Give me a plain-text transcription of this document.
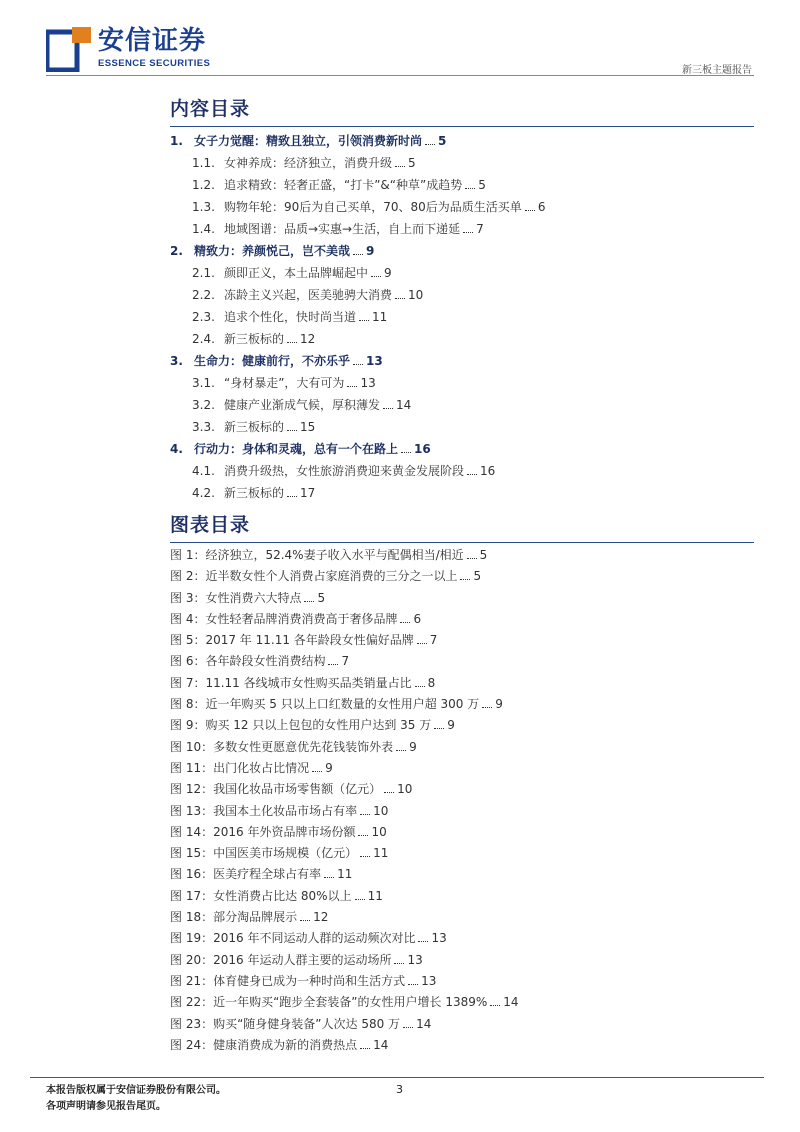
安信证券
ESSENCE SECURITIES
新三板主题报告
内容目录
1. 女子力觉醒：精致且独立，引领消费新时尚 5
1.1. 女神养成：经济独立，消费升级 5
1.2. 追求精致：轻奢正盛，“打卡”&“种草”成趋势 5
1.3. 购物年轮：90后为自己买单，70、80后为品质生活买单 6
1.4. 地域图谱：品质→实惠→生活，自上而下递延 7
2. 精致力：养颜悦己，岂不美哉 9
2.1. 颜即正义，本土品牌崛起中 9
2.2. 冻龄主义兴起，医美驰骋大消费 10
2.3. 追求个性化，快时尚当道 11
2.4. 新三板标的 12
3. 生命力：健康前行，不亦乐乎 13
3.1. “身材暴走”，大有可为 13
3.2. 健康产业渐成气候，厚积薄发 14
3.3. 新三板标的 15
4. 行动力：身体和灵魂，总有一个在路上 16
4.1. 消费升级热，女性旅游消费迎来黄金发展阶段 16
4.2. 新三板标的 17
图表目录
图 1： 经济独立，52.4%妻子收入水平与配偶相当/相近 5
图 2： 近半数女性个人消费占家庭消费的三分之一以上 5
图 3： 女性消费六大特点 5
图 4： 女性轻奢品牌消费消费高于奢侈品牌 6
图 5： 2017 年 11.11 各年龄段女性偏好品牌 7
图 6： 各年龄段女性消费结构 7
图 7： 11.11 各线城市女性购买品类销量占比 8
图 8： 近一年购买 5 只以上口红数量的女性用户超 300 万 9
图 9： 购买 12 只以上包包的女性用户达到 35 万 9
图 10： 多数女性更愿意优先花钱装饰外表 9
图 11： 出门化妆占比情况 9
图 12： 我国化妆品市场零售额（亿元） 10
图 13： 我国本土化妆品市场占有率 10
图 14： 2016 年外资品牌市场份额 10
图 15： 中国医美市场规模（亿元） 11
图 16： 医美疗程全球占有率 11
图 17： 女性消费占比达 80%以上 11
图 18： 部分淘品牌展示 12
图 19： 2016 年不同运动人群的运动频次对比 13
图 20： 2016 年运动人群主要的运动场所 13
图 21： 体育健身已成为一种时尚和生活方式 13
图 22： 近一年购买“跑步全套装备”的女性用户增长 1389% 14
图 23： 购买“随身健身装备”人次达 580 万 14
图 24： 健康消费成为新的消费热点 14
本报告版权属于安信证券股份有限公司。
各项声明请参见报告尾页。
3
